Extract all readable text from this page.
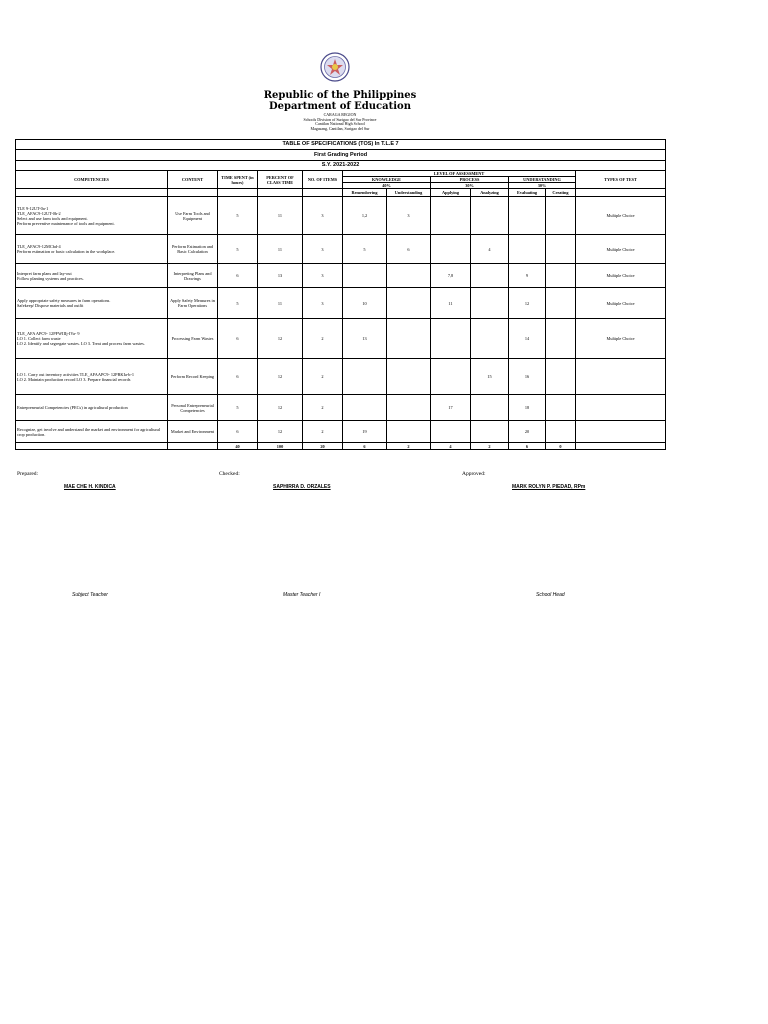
Republic of the Philippines
Department of Education
CARAGA REGION
Schools Division of Surigao del Sur Province
Cantilan National High School
Magasang, Cantilan, Surigao del Sur
TABLE OF SPECIFICATIONS (TOS) In T.L.E 7											
First Grading Period											
S.Y. 2021-2022											
COMPETENCIES	CONTENT	TIME SPENT (in hours)	PERCENT OF CLASS TIME	NO. OF ITEMS	LEVEL OF ASSESSMENT						TYPES OF TEST
					KNOWLEDGE		PROCESS		UNDERSTANDING		
					40%		30%		30%		
					Remembering	Understanding	Applying	Analyzing	Evaluating	Creating	
TLE 9-12UT-0a-1
TLE_AFAC9-12UT-0b-2
Select and use farm tools and equipment.
Perform preventive maintenance of tools and equipment.	Use Farm Tools and Equipment	5	11	3	1,2	3					Multiple Choice
TLE_AFAC9-12MCbd-4
Perform estimation or basic calculation in the workplace.	Perform Estimation and Basic Calculation	5	11	3	5	6		4			Multiple Choice
Interpret farm plans and lay-out
Follow planting systems and practices.	Interpreting Plans and Drawings	6	13	3			7,8		9		Multiple Choice
Apply appropriate safety measures in farm operations.
Safekeep/ Dispose materials and outfit	Apply Safety Measures in Farm Operations	5	11	3	10		11		12		Multiple Choice
TLE_AFA APC9- 12PFWIIIj-IVa- 9
LO 1. Collect farm waste
LO 2. Identify and segregate wastes. LO 3. Treat and process farm wastes.	Processing Farm Wastes	6	12	2	13				14		Multiple Choice
LO 1. Carry out inventory activities TLE_AFAAPC9- 12PRKIa-b-1
LO 2. Maintain production record LO 3. Prepare financial records	Perform Record Keeping	6	12	2				15	16		
Entrepreneurial Competencies (PECs) in agricultural production	Personal Entrepreneurial Competencies	5	12	2			17		18		
Recognize, get involve and understand the market and environment for agricultural crop production.	Market and Environment	6	12	2	19				20		
		40	100	20	6	2	4	2	6	0	
Prepared:	Checked:	Approved:
MAE CHE H. KINDICA	SAPHIRRA D. ORZALES	MARK ROLYN P. PIEDAD, RPm
Subject Teacher	Master Teacher I	School Head
